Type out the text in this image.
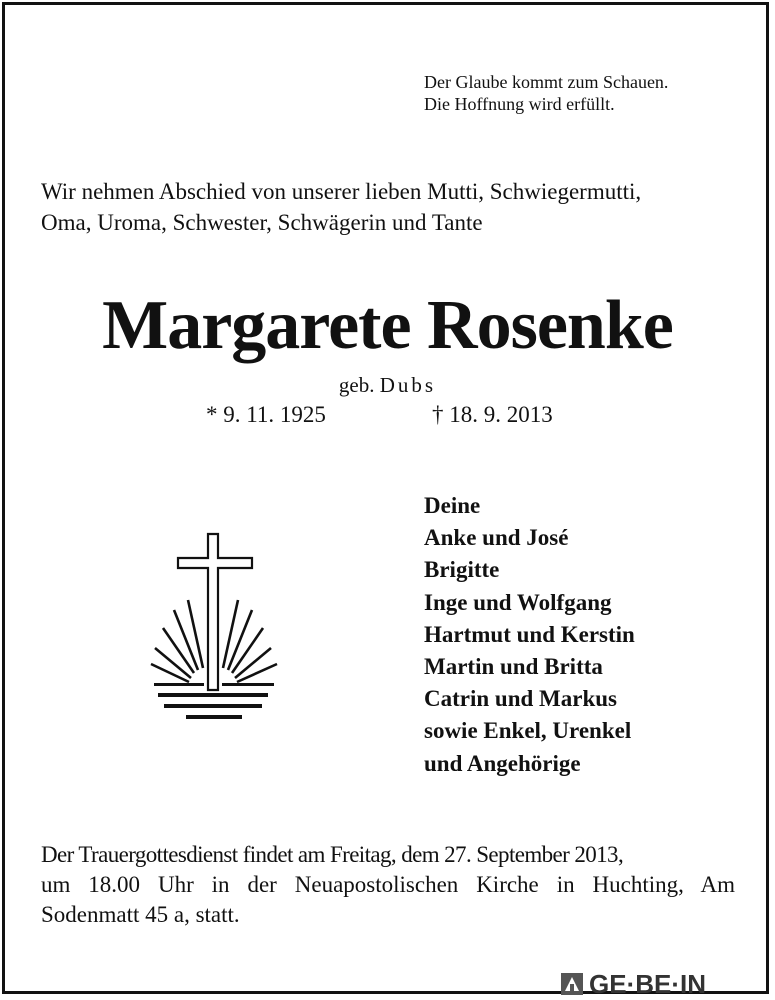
Der Glaube kommt zum Schauen.
Die Hoffnung wird erfüllt.
Wir nehmen Abschied von unserer lieben Mutti, Schwiegermutti,
Oma, Uroma, Schwester, Schwägerin und Tante
Margarete Rosenke
geb. Dubs
* 9. 11. 1925	† 18. 9. 2013
Deine
Anke und José
Brigitte
Inge und Wolfgang
Hartmut und Kerstin
Martin und Britta
Catrin und Markus
sowie Enkel, Urenkel
und Angehörige
Der Trauergottesdienst findet am Freitag, dem 27. September 2013,
um 18.00 Uhr in der Neuapostolischen Kirche in Huchting, Am
Sodenmatt 45 a, statt.
GE·BE·IN
